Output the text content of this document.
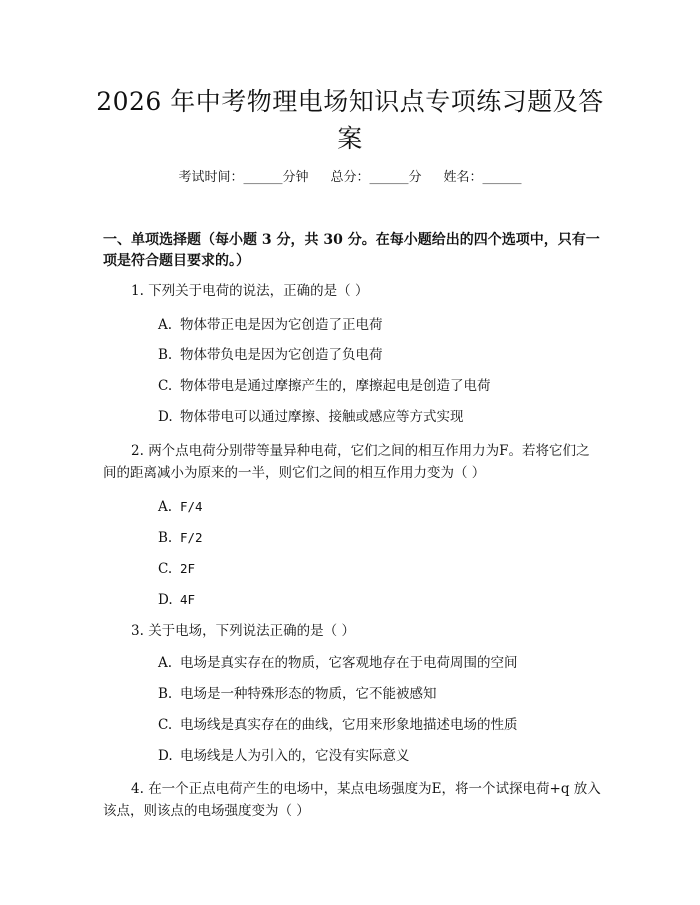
2026 年中考物理电场知识点专项练习题及答
案
考试时间：______分钟 总分：______分 姓名：______

一、单项选择题（每小题 3 分，共 30 分。在每小题给出的四个选项中，只有一项是符合题目要求的。）

1. 下列关于电荷的说法，正确的是（ ）

A. 物体带正电是因为它创造了正电荷

B. 物体带负电是因为它创造了负电荷

C. 物体带电是通过摩擦产生的，摩擦起电是创造了电荷

D. 物体带电可以通过摩擦、接触或感应等方式实现

2. 两个点电荷分别带等量异种电荷，它们之间的相互作用力为F。若将它们之间的距离减小为原来的一半，则它们之间的相互作用力变为（ ）

A. F/4

B. F/2

C. 2F

D. 4F

3. 关于电场，下列说法正确的是（ ）

A. 电场是真实存在的物质，它客观地存在于电荷周围的空间

B. 电场是一种特殊形态的物质，它不能被感知

C. 电场线是真实存在的曲线，它用来形象地描述电场的性质

D. 电场线是人为引入的，它没有实际意义

4. 在一个正点电荷产生的电场中，某点电场强度为E，将一个试探电荷+q 放入该点，则该点的电场强度变为（ ）
